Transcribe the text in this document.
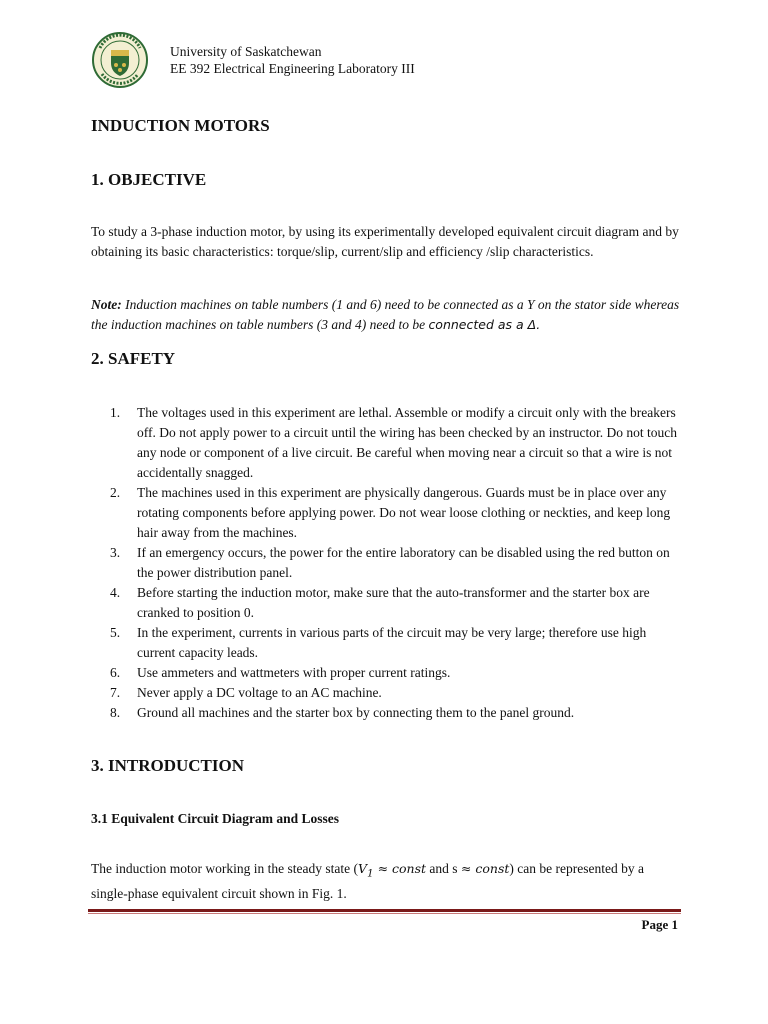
University of Saskatchewan
EE 392 Electrical Engineering Laboratory III
INDUCTION MOTORS
1. OBJECTIVE

To study a 3-phase induction motor, by using its experimentally developed equivalent circuit diagram and by obtaining its basic characteristics: torque/slip, current/slip and efficiency /slip characteristics.

Note: Induction machines on table numbers (1 and 6) need to be connected as a Y on the stator side whereas the induction machines on table numbers (3 and 4) need to be connected as a Δ.

2. SAFETY
1. The voltages used in this experiment are lethal. Assemble or modify a circuit only with the breakers off. Do not apply power to a circuit until the wiring has been checked by an instructor. Do not touch any node or component of a live circuit. Be careful when moving near a circuit so that a wire is not accidentally snagged.
2. The machines used in this experiment are physically dangerous. Guards must be in place over any rotating components before applying power. Do not wear loose clothing or neckties, and keep long hair away from the machines.
3. If an emergency occurs, the power for the entire laboratory can be disabled using the red button on the power distribution panel.
4. Before starting the induction motor, make sure that the auto-transformer and the starter box are cranked to position 0.
5. In the experiment, currents in various parts of the circuit may be very large; therefore use high current capacity leads.
6. Use ammeters and wattmeters with proper current ratings.
7. Never apply a DC voltage to an AC machine.
8. Ground all machines and the starter box by connecting them to the panel ground.
3. INTRODUCTION
3.1 Equivalent Circuit Diagram and Losses

The induction motor working in the steady state ($V_1$ ≈ const and s ≈ const) can be represented by a single-phase equivalent circuit shown in Fig. 1.

Page 1
